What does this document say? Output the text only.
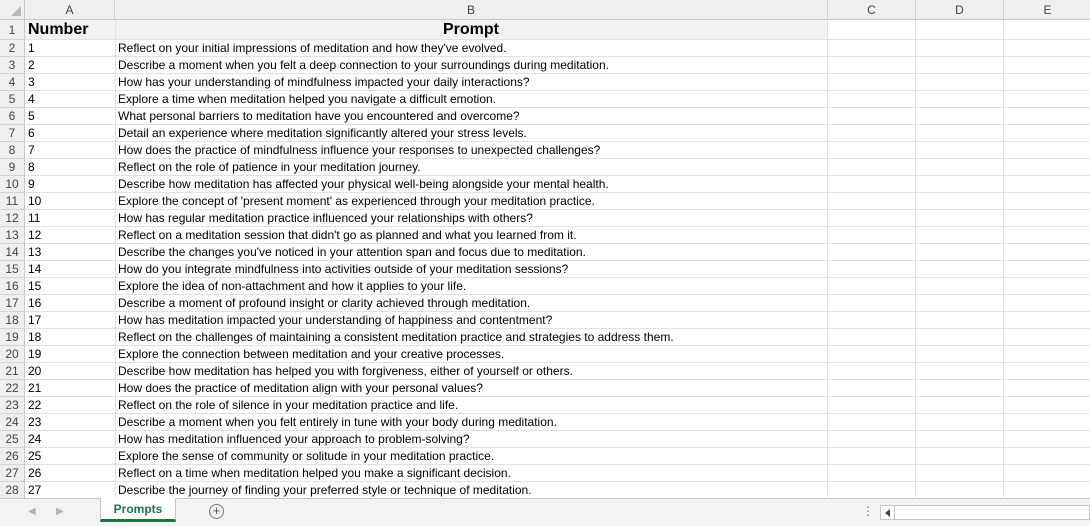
A	B	C	D	E
1
2
3
4
5
6
7
8
9
10
11
12
13
14
15
16
17
18
19
20
21
22
23
24
25
26
27
28
Number	Prompt
1	Reflect on your initial impressions of meditation and how they've evolved.
2	Describe a moment when you felt a deep connection to your surroundings during meditation.
3	How has your understanding of mindfulness impacted your daily interactions?
4	Explore a time when meditation helped you navigate a difficult emotion.
5	What personal barriers to meditation have you encountered and overcome?
6	Detail an experience where meditation significantly altered your stress levels.
7	How does the practice of mindfulness influence your responses to unexpected challenges?
8	Reflect on the role of patience in your meditation journey.
9	Describe how meditation has affected your physical well-being alongside your mental health.
10	Explore the concept of 'present moment' as experienced through your meditation practice.
11	How has regular meditation practice influenced your relationships with others?
12	Reflect on a meditation session that didn't go as planned and what you learned from it.
13	Describe the changes you've noticed in your attention span and focus due to meditation.
14	How do you integrate mindfulness into activities outside of your meditation sessions?
15	Explore the idea of non-attachment and how it applies to your life.
16	Describe a moment of profound insight or clarity achieved through meditation.
17	How has meditation impacted your understanding of happiness and contentment?
18	Reflect on the challenges of maintaining a consistent meditation practice and strategies to address them.
19	Explore the connection between meditation and your creative processes.
20	Describe how meditation has helped you with forgiveness, either of yourself or others.
21	How does the practice of meditation align with your personal values?
22	Reflect on the role of silence in your meditation practice and life.
23	Describe a moment when you felt entirely in tune with your body during meditation.
24	How has meditation influenced your approach to problem-solving?
25	Explore the sense of community or solitude in your meditation practice.
26	Reflect on a time when meditation helped you make a significant decision.
27	Describe the journey of finding your preferred style or technique of meditation.
◀ ▶	Prompts	+	⋮
